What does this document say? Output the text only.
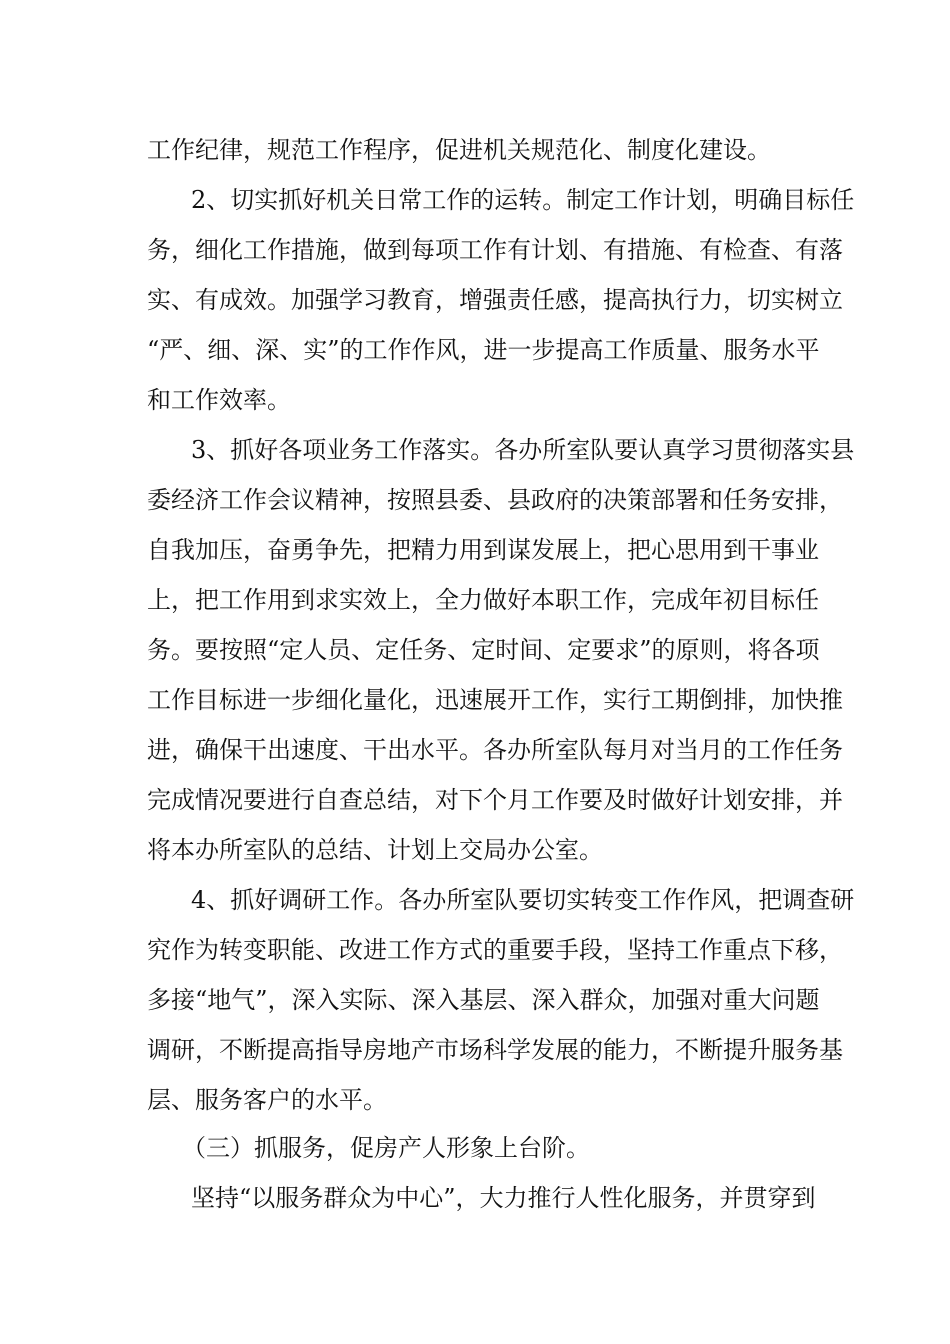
工作纪律，规范工作程序，促进机关规范化、制度化建设。
2、切实抓好机关日常工作的运转。制定工作计划，明确目标任
务，细化工作措施，做到每项工作有计划、有措施、有检查、有落
实、有成效。加强学习教育，增强责任感，提高执行力，切实树立
“严、细、深、实”的工作作风，进一步提高工作质量、服务水平
和工作效率。
3、抓好各项业务工作落实。各办所室队要认真学习贯彻落实县
委经济工作会议精神，按照县委、县政府的决策部署和任务安排，
自我加压，奋勇争先，把精力用到谋发展上，把心思用到干事业
上，把工作用到求实效上，全力做好本职工作，完成年初目标任
务。要按照“定人员、定任务、定时间、定要求”的原则，将各项
工作目标进一步细化量化，迅速展开工作，实行工期倒排，加快推
进，确保干出速度、干出水平。各办所室队每月对当月的工作任务
完成情况要进行自查总结，对下个月工作要及时做好计划安排，并
将本办所室队的总结、计划上交局办公室。
4、抓好调研工作。各办所室队要切实转变工作作风，把调查研
究作为转变职能、改进工作方式的重要手段，坚持工作重点下移，
多接“地气”，深入实际、深入基层、深入群众，加强对重大问题
调研，不断提高指导房地产市场科学发展的能力，不断提升服务基
层、服务客户的水平。
（三）抓服务，促房产人形象上台阶。
坚持“以服务群众为中心”，大力推行人性化服务，并贯穿到
